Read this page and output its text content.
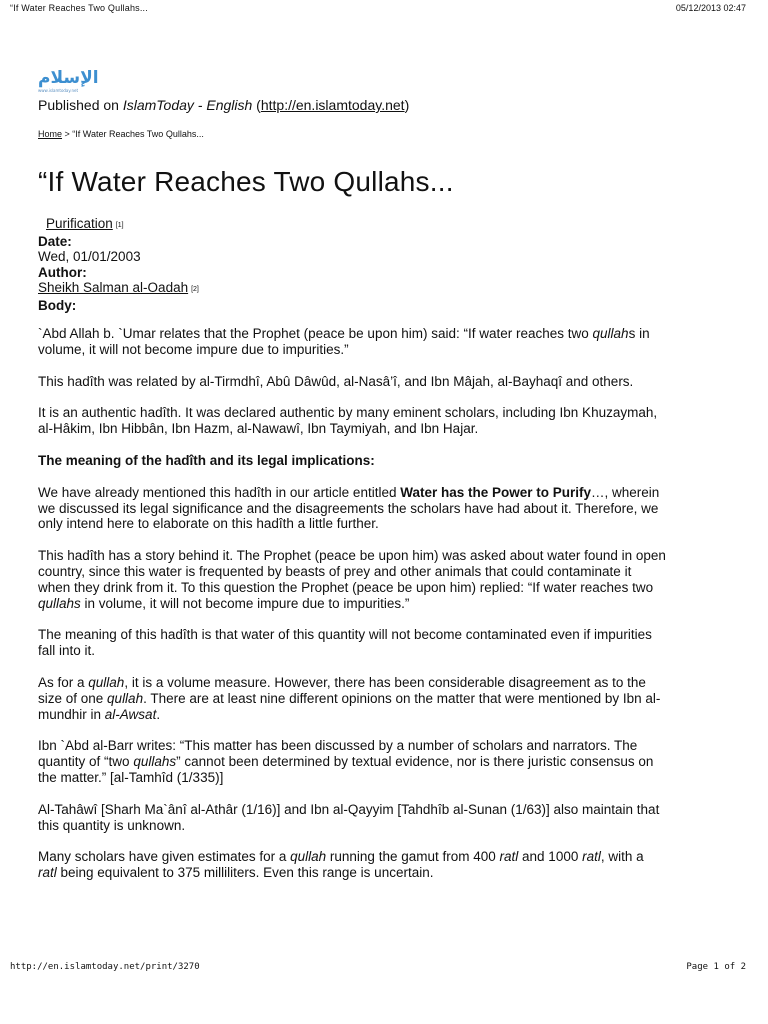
“If Water Reaches Two Qullahs...	05/12/2013 02:47
الإسلام
www.islamtoday.net
Published on IslamToday - English (http://en.islamtoday.net)
Home > “If Water Reaches Two Qullahs...
“If Water Reaches Two Qullahs...
Purification [1]
Date:
Wed, 01/01/2003
Author:
Sheikh Salman al-Oadah [2]
Body:

`Abd Allah b. `Umar relates that the Prophet (peace be upon him) said: “If water reaches two qullahs in volume, it will not become impure due to impurities.”

This hadîth was related by al-Tirmdhî, Abû Dâwûd, al-Nasâ’î, and Ibn Mâjah, al-Bayhaqî and others.

It is an authentic hadîth. It was declared authentic by many eminent scholars, including Ibn Khuzaymah, al-Hâkim, Ibn Hibbân, Ibn Hazm, al-Nawawî, Ibn Taymiyah, and Ibn Hajar.

The meaning of the hadîth and its legal implications:

We have already mentioned this hadîth in our article entitled Water has the Power to Purify…, wherein we discussed its legal significance and the disagreements the scholars have had about it. Therefore, we only intend here to elaborate on this hadîth a little further.

This hadîth has a story behind it. The Prophet (peace be upon him) was asked about water found in open country, since this water is frequented by beasts of prey and other animals that could contaminate it when they drink from it. To this question the Prophet (peace be upon him) replied: “If water reaches two qullahs in volume, it will not become impure due to impurities.”

The meaning of this hadîth is that water of this quantity will not become contaminated even if impurities fall into it.

As for a qullah, it is a volume measure. However, there has been considerable disagreement as to the size of one qullah. There are at least nine different opinions on the matter that were mentioned by Ibn al-mundhir in al-Awsat.

Ibn `Abd al-Barr writes: “This matter has been discussed by a number of scholars and narrators. The quantity of “two qullahs” cannot been determined by textual evidence, nor is there juristic consensus on the matter.” [al-Tamhîd (1/335)]

Al-Tahâwî [Sharh Ma`ânî al-Athâr (1/16)] and Ibn al-Qayyim [Tahdhîb al-Sunan (1/63)] also maintain that this quantity is unknown.

Many scholars have given estimates for a qullah running the gamut from 400 ratl and 1000 ratl, with a ratl being equivalent to 375 milliliters. Even this range is uncertain.

http://en.islamtoday.net/print/3270	Page 1 of 2
